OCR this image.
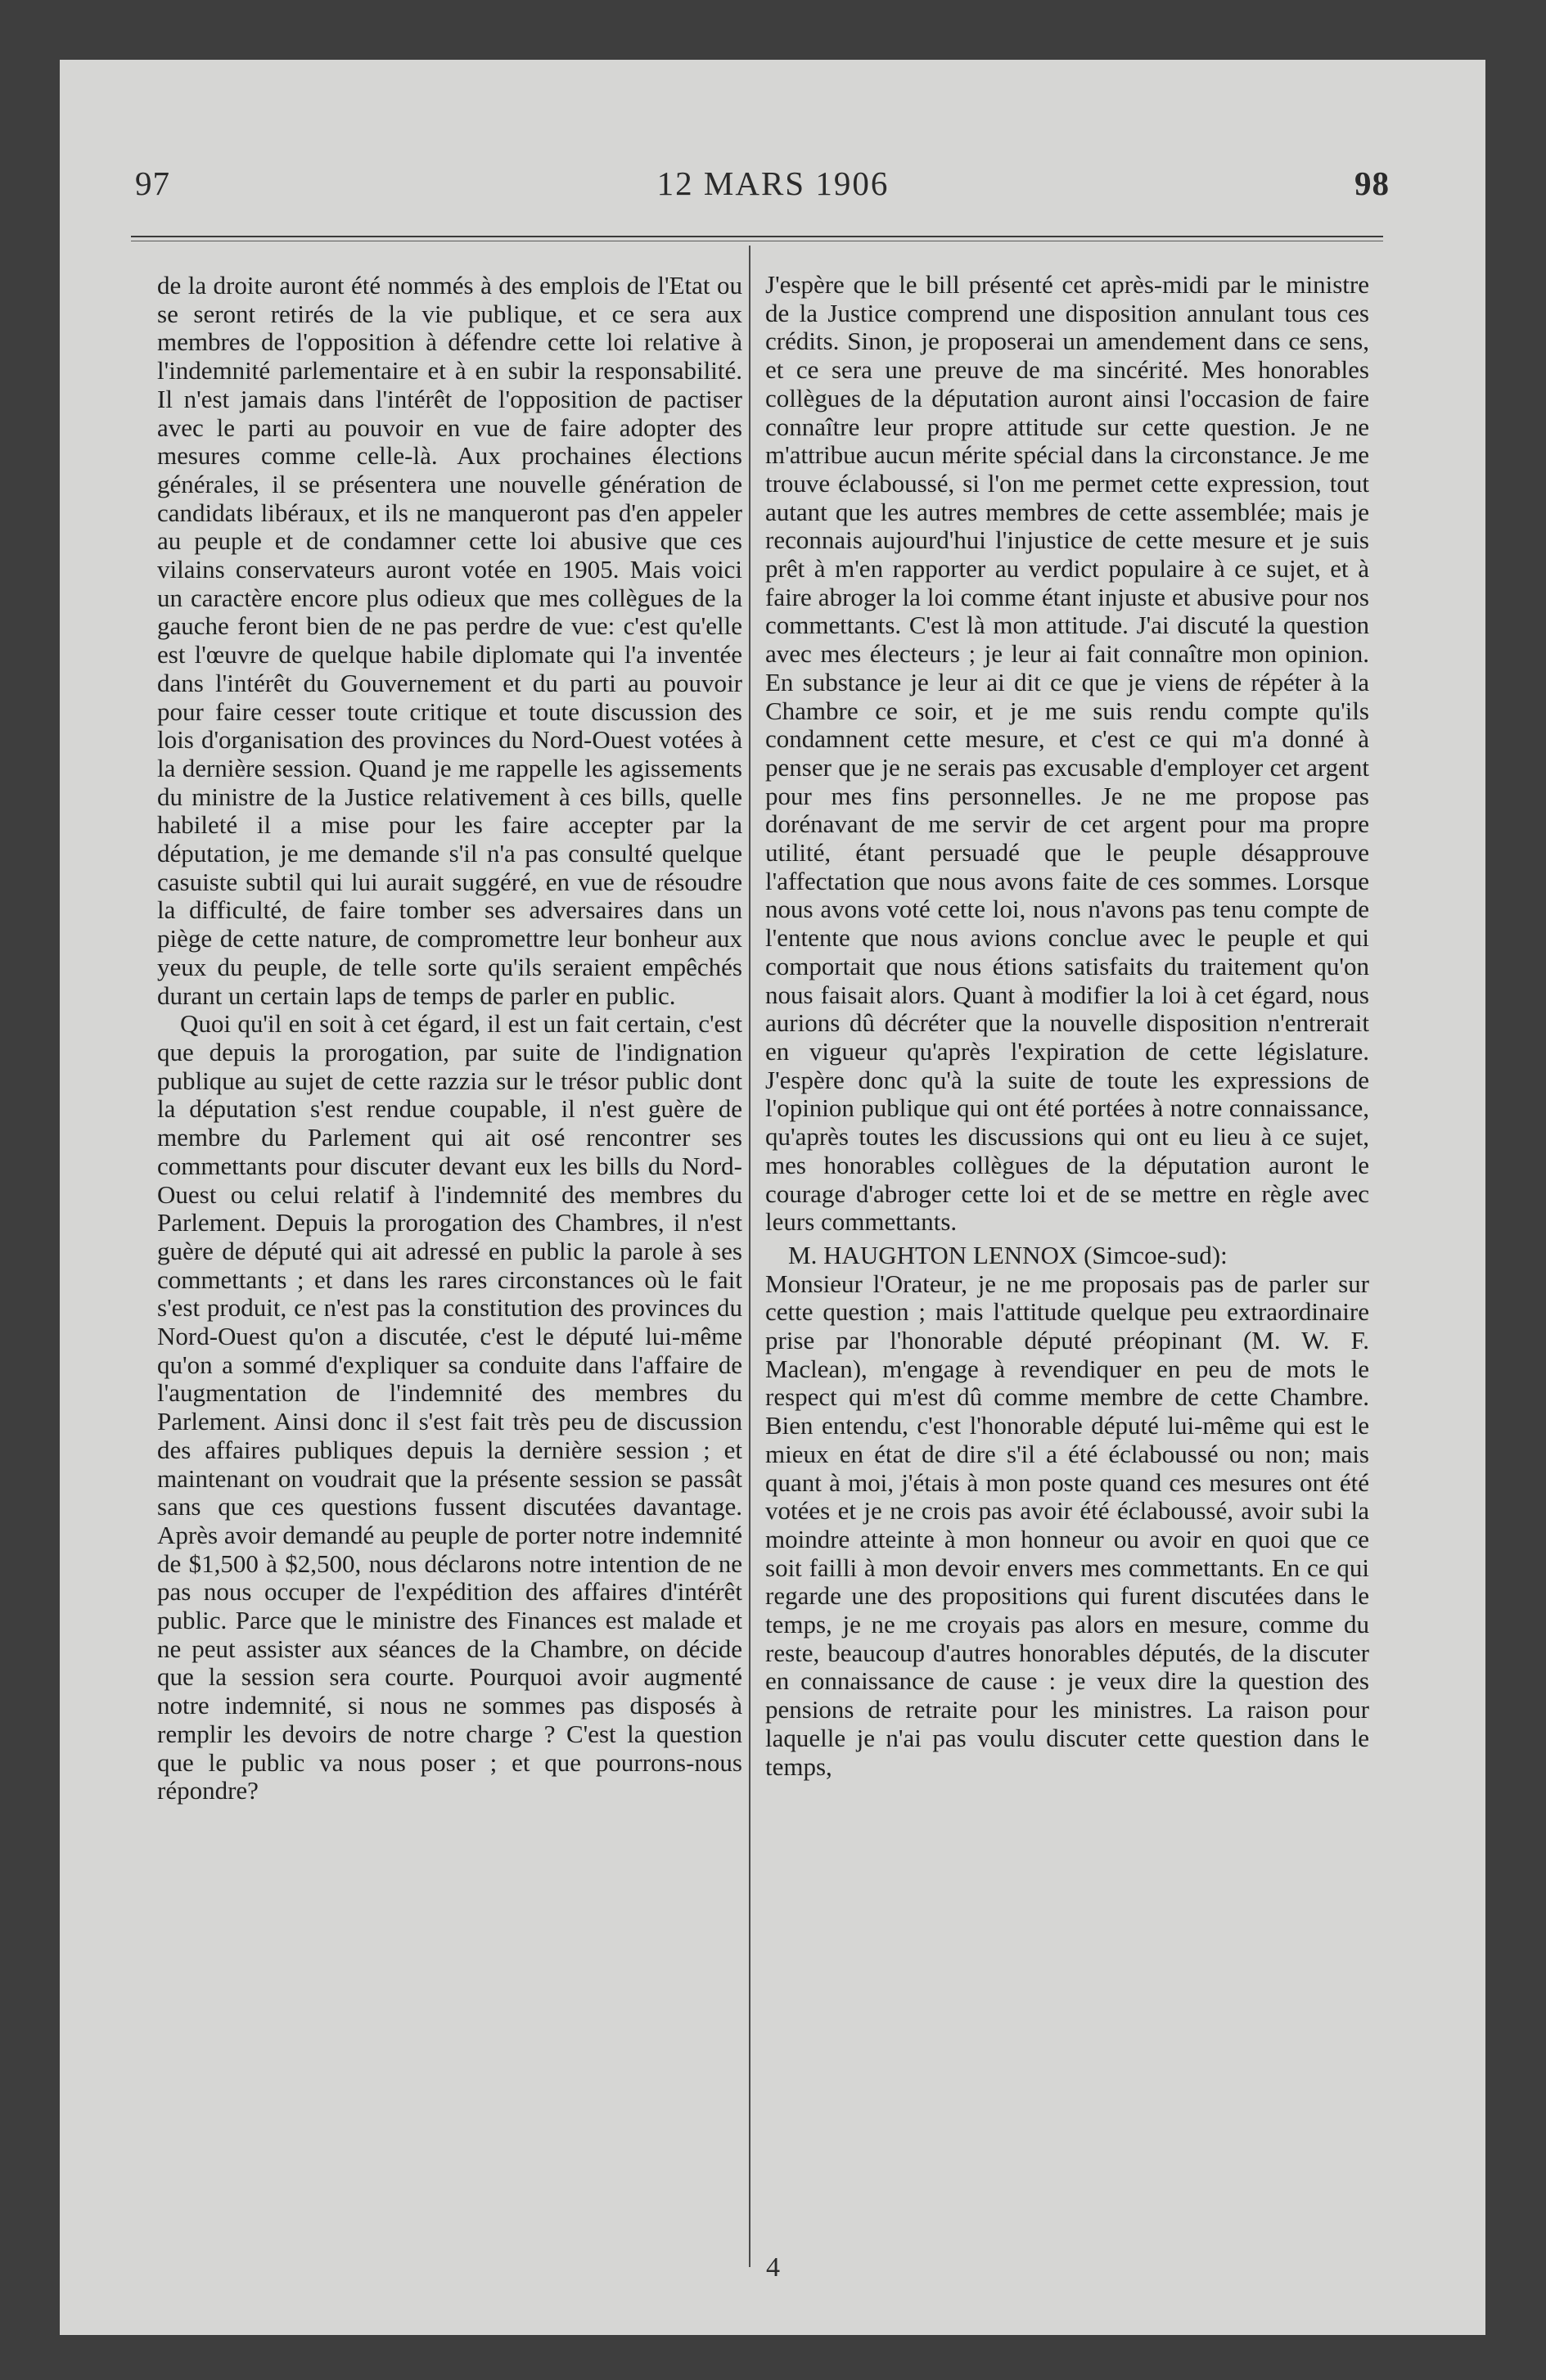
97	12 MARS 1906	98

de la droite auront été nommés à des emplois de l'Etat ou se seront retirés de la vie publique, et ce sera aux membres de l'opposition à défendre cette loi relative à l'indemnité parlementaire et à en subir la responsabilité. Il n'est jamais dans l'intérêt de l'opposition de pactiser avec le parti au pouvoir en vue de faire adopter des mesures comme celle-là. Aux prochaines élections générales, il se présentera une nouvelle génération de candidats libéraux, et ils ne manqueront pas d'en appeler au peuple et de condamner cette loi abusive que ces vilains conservateurs auront votée en 1905. Mais voici un caractère encore plus odieux que mes collègues de la gauche feront bien de ne pas perdre de vue: c'est qu'elle est l'œuvre de quelque habile diplomate qui l'a inventée dans l'intérêt du Gouvernement et du parti au pouvoir pour faire cesser toute critique et toute discussion des lois d'organisation des provinces du Nord-Ouest votées à la dernière session. Quand je me rappelle les agissements du ministre de la Justice relativement à ces bills, quelle habileté il a mise pour les faire accepter par la députation, je me demande s'il n'a pas consulté quelque casuiste subtil qui lui aurait suggéré, en vue de résoudre la difficulté, de faire tomber ses adversaires dans un piège de cette nature, de compromettre leur bonheur aux yeux du peuple, de telle sorte qu'ils seraient empêchés durant un certain laps de temps de parler en public.

Quoi qu'il en soit à cet égard, il est un fait certain, c'est que depuis la prorogation, par suite de l'indignation publique au sujet de cette razzia sur le trésor public dont la députation s'est rendue coupable, il n'est guère de membre du Parlement qui ait osé rencontrer ses commettants pour discuter devant eux les bills du Nord-Ouest ou celui relatif à l'indemnité des membres du Parlement. Depuis la prorogation des Chambres, il n'est guère de député qui ait adressé en public la parole à ses commettants ; et dans les rares circonstances où le fait s'est produit, ce n'est pas la constitution des provinces du Nord-Ouest qu'on a discutée, c'est le député lui-même qu'on a sommé d'expliquer sa conduite dans l'affaire de l'augmentation de l'indemnité des membres du Parlement. Ainsi donc il s'est fait très peu de discussion des affaires publiques depuis la dernière session ; et maintenant on voudrait que la présente session se passât sans que ces questions fussent discutées davantage. Après avoir demandé au peuple de porter notre indemnité de $1,500 à $2,500, nous déclarons notre intention de ne pas nous occuper de l'expédition des affaires d'intérêt public. Parce que le ministre des Finances est malade et ne peut assister aux séances de la Chambre, on décide que la session sera courte. Pourquoi avoir augmenté notre indemnité, si nous ne sommes pas disposés à remplir les devoirs de notre charge ? C'est la question que le public va nous poser ; et que pourrons-nous répondre?

J'espère que le bill présenté cet après-midi par le ministre de la Justice comprend une disposition annulant tous ces crédits. Sinon, je proposerai un amendement dans ce sens, et ce sera une preuve de ma sincérité. Mes honorables collègues de la députation auront ainsi l'occasion de faire connaître leur propre attitude sur cette question. Je ne m'attribue aucun mérite spécial dans la circonstance. Je me trouve éclaboussé, si l'on me permet cette expression, tout autant que les autres membres de cette assemblée; mais je reconnais aujourd'hui l'injustice de cette mesure et je suis prêt à m'en rapporter au verdict populaire à ce sujet, et à faire abroger la loi comme étant injuste et abusive pour nos commettants. C'est là mon attitude. J'ai discuté la question avec mes électeurs ; je leur ai fait connaître mon opinion. En substance je leur ai dit ce que je viens de répéter à la Chambre ce soir, et je me suis rendu compte qu'ils condamnent cette mesure, et c'est ce qui m'a donné à penser que je ne serais pas excusable d'employer cet argent pour mes fins personnelles. Je ne me propose pas dorénavant de me servir de cet argent pour ma propre utilité, étant persuadé que le peuple désapprouve l'affectation que nous avons faite de ces sommes. Lorsque nous avons voté cette loi, nous n'avons pas tenu compte de l'entente que nous avions conclue avec le peuple et qui comportait que nous étions satisfaits du traitement qu'on nous faisait alors. Quant à modifier la loi à cet égard, nous aurions dû décréter que la nouvelle disposition n'entrerait en vigueur qu'après l'expiration de cette législature. J'espère donc qu'à la suite de toute les expressions de l'opinion publique qui ont été portées à notre connaissance, qu'après toutes les discussions qui ont eu lieu à ce sujet, mes honorables collègues de la députation auront le courage d'abroger cette loi et de se mettre en règle avec leurs commettants.

M. HAUGHTON LENNOX (Simcoe-sud):

Monsieur l'Orateur, je ne me proposais pas de parler sur cette question ; mais l'attitude quelque peu extraordinaire prise par l'honorable député préopinant (M. W. F. Maclean), m'engage à revendiquer en peu de mots le respect qui m'est dû comme membre de cette Chambre. Bien entendu, c'est l'honorable député lui-même qui est le mieux en état de dire s'il a été éclaboussé ou non; mais quant à moi, j'étais à mon poste quand ces mesures ont été votées et je ne crois pas avoir été éclaboussé, avoir subi la moindre atteinte à mon honneur ou avoir en quoi que ce soit failli à mon devoir envers mes commettants. En ce qui regarde une des propositions qui furent discutées dans le temps, je ne me croyais pas alors en mesure, comme du reste, beaucoup d'autres honorables députés, de la discuter en connaissance de cause : je veux dire la question des pensions de retraite pour les ministres. La raison pour laquelle je n'ai pas voulu discuter cette question dans le temps,

4
